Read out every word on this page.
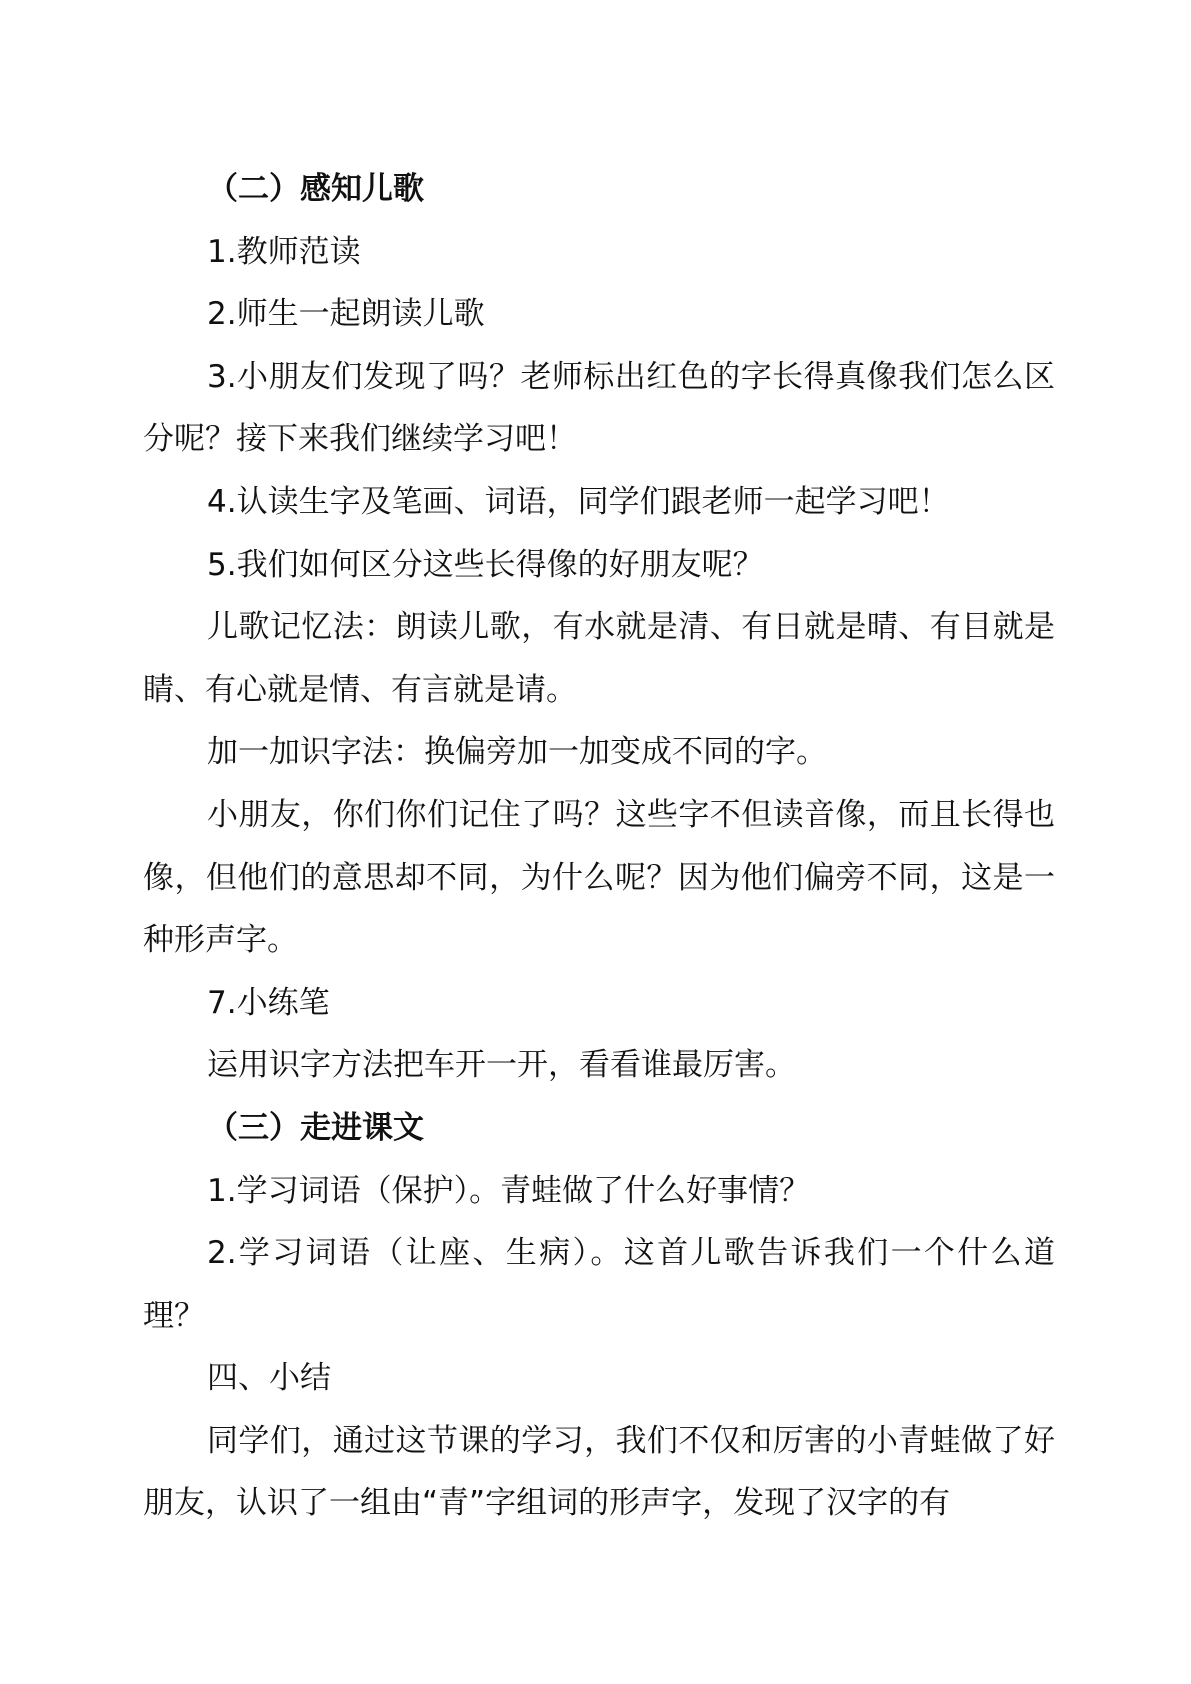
（二）感知儿歌

1.教师范读

2.师生一起朗读儿歌

3.小朋友们发现了吗？老师标出红色的字长得真像我们怎么区分呢？接下来我们继续学习吧！

4.认读生字及笔画、词语，同学们跟老师一起学习吧！

5.我们如何区分这些长得像的好朋友呢？

儿歌记忆法：朗读儿歌，有水就是清、有日就是晴、有目就是睛、有心就是情、有言就是请。

加一加识字法：换偏旁加一加变成不同的字。

小朋友，你们你们记住了吗？这些字不但读音像，而且长得也像，但他们的意思却不同，为什么呢？因为他们偏旁不同，这是一种形声字。

7.小练笔

运用识字方法把车开一开，看看谁最厉害。

（三）走进课文

1.学习词语（保护）。青蛙做了什么好事情？

2.学习词语（让座、生病）。这首儿歌告诉我们一个什么道理？

四、小结

同学们，通过这节课的学习，我们不仅和厉害的小青蛙做了好朋友，认识了一组由“青”字组词的形声字，发现了汉字的有
